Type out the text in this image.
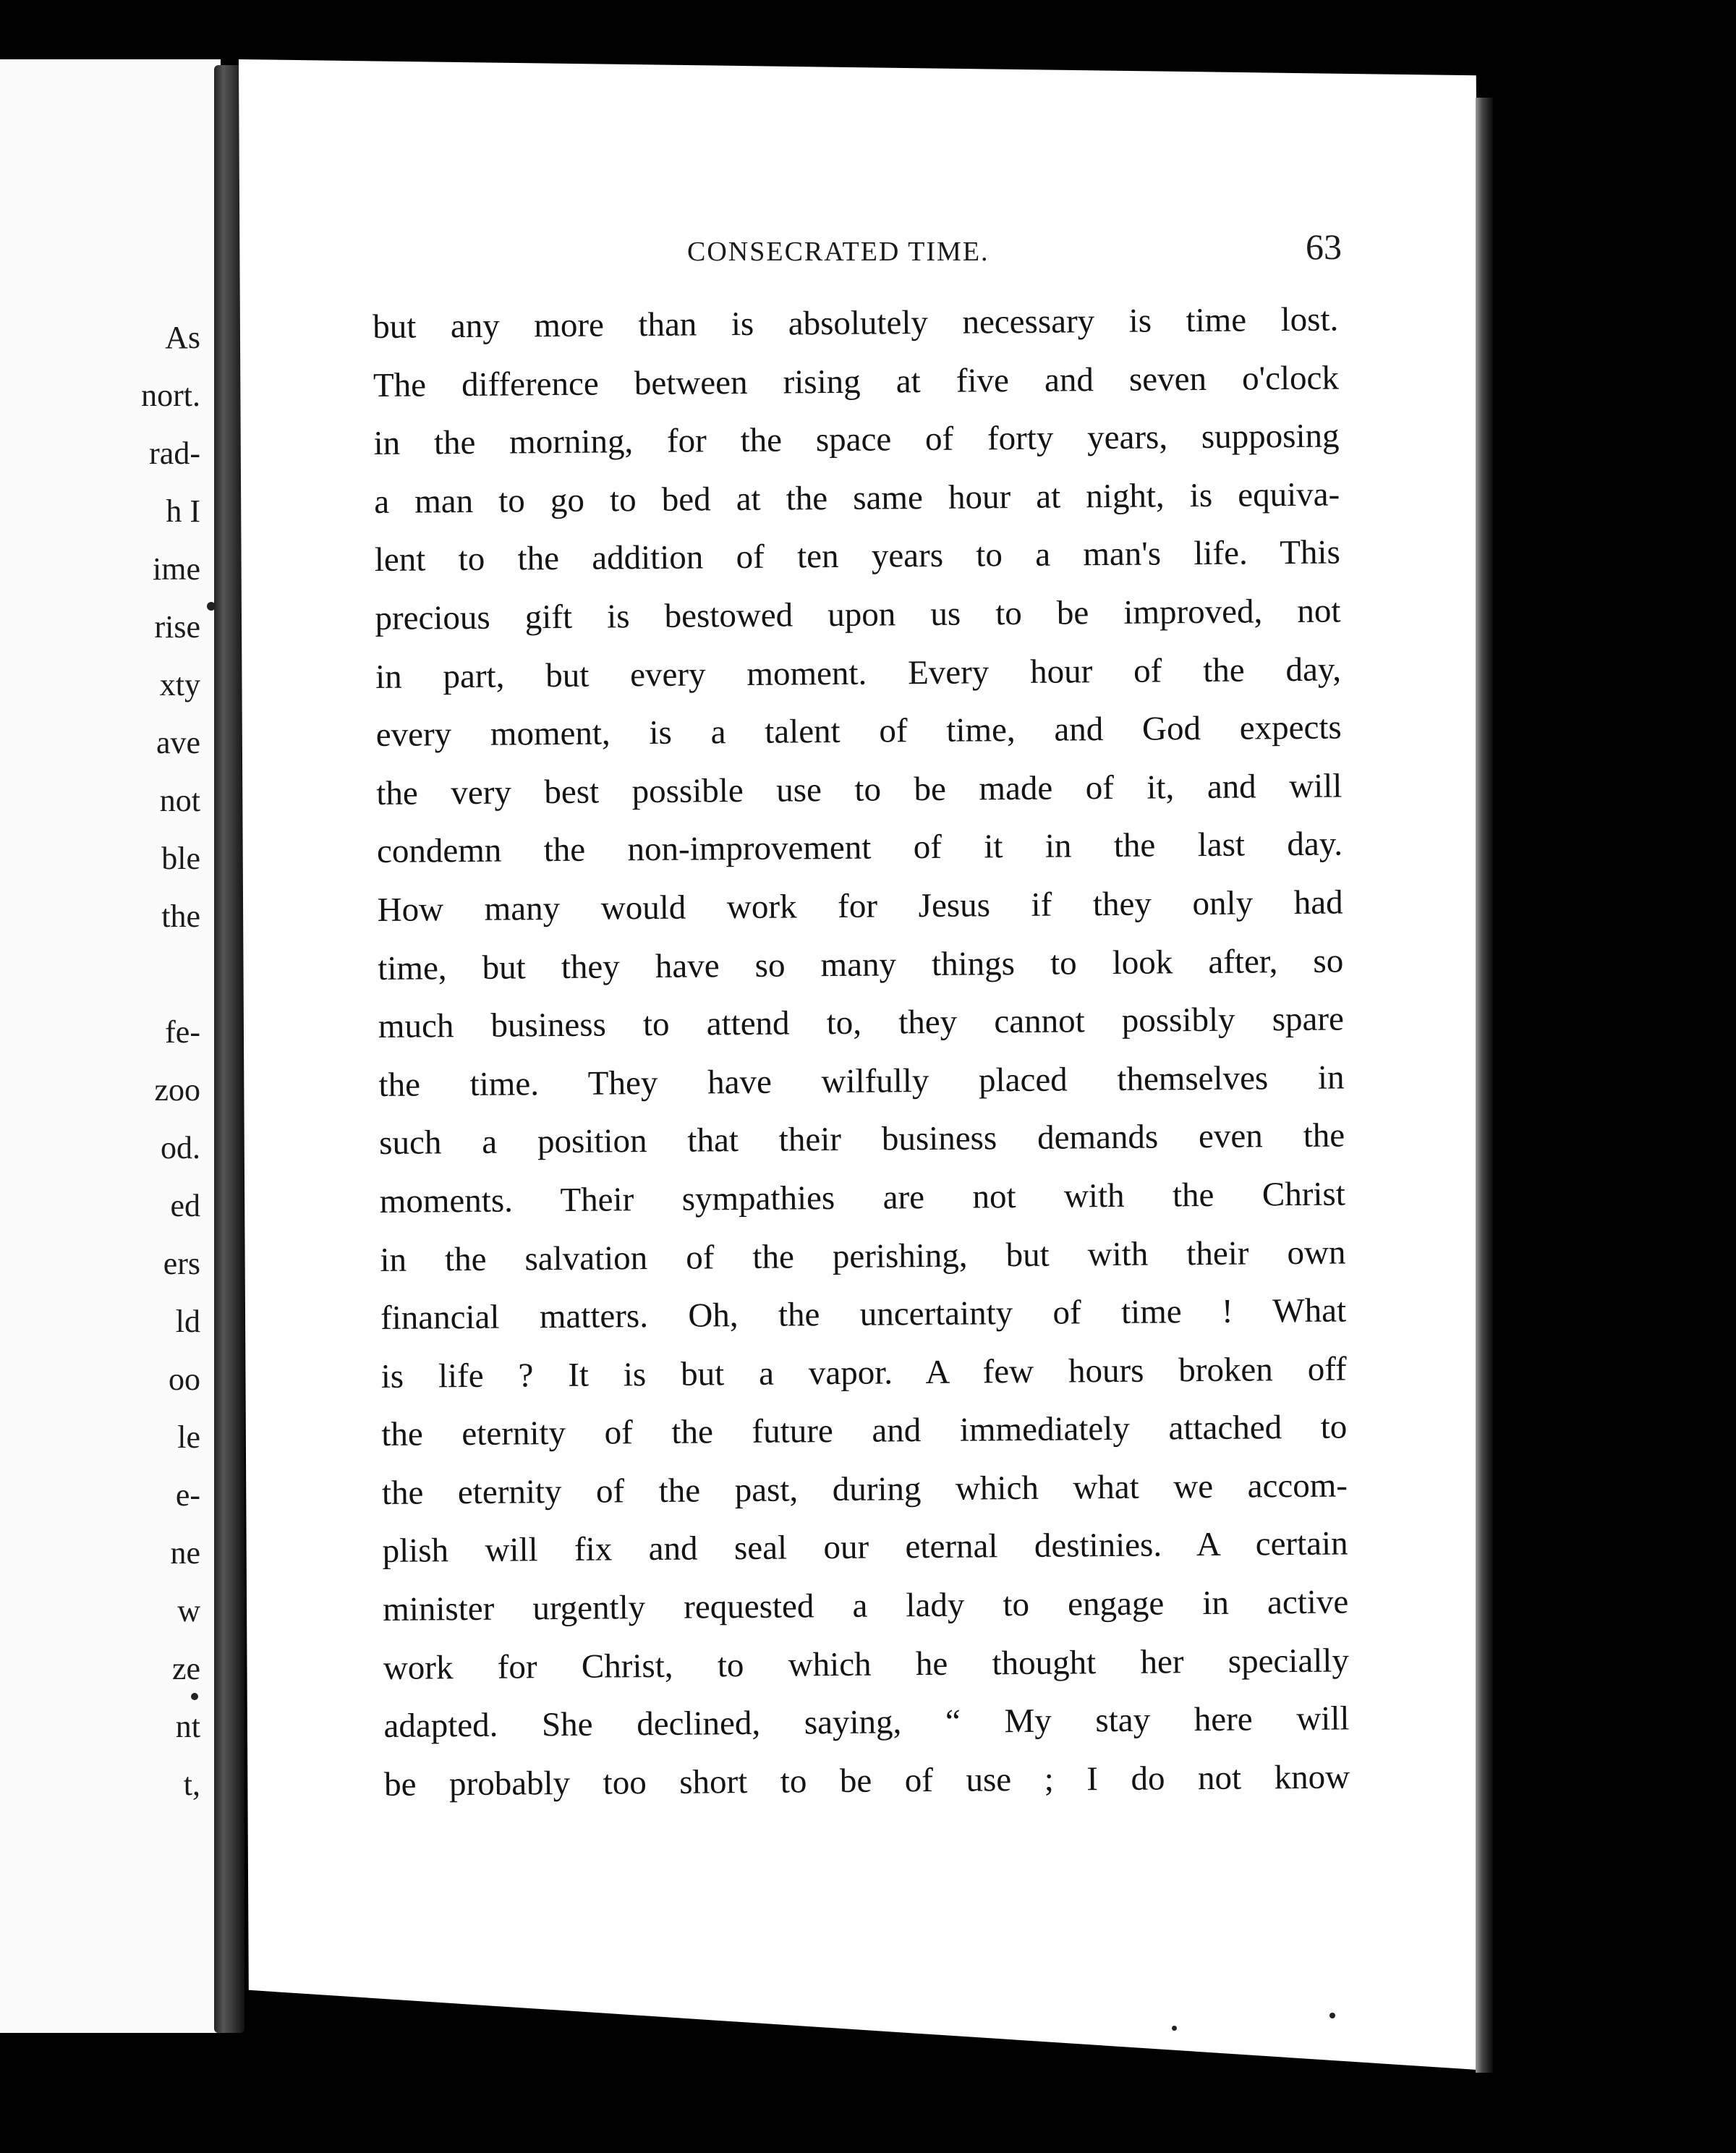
As
nort.
rad-
h I
ime
rise
xty
ave
not
ble
the
fe-
zoo
od.
ed
ers
ld
oo
le
e-
ne
w
ze
nt
t,
CONSECRATED TIME.	63
but any more than is absolutely necessary is time lost.
The difference between rising at five and seven o'clock
in the morning, for the space of forty years, supposing
a man to go to bed at the same hour at night, is equiva-
lent to the addition of ten years to a man's life. This
precious gift is bestowed upon us to be improved, not
in part, but every moment. Every hour of the day,
every moment, is a talent of time, and God expects
the very best possible use to be made of it, and will
condemn the non-improvement of it in the last day.
How many would work for Jesus if they only had
time, but they have so many things to look after, so
much business to attend to, they cannot possibly spare
the time. They have wilfully placed themselves in
such a position that their business demands even the
moments. Their sympathies are not with the Christ
in the salvation of the perishing, but with their own
financial matters. Oh, the uncertainty of time ! What
is life ? It is but a vapor. A few hours broken off
the eternity of the future and immediately attached to
the eternity of the past, during which what we accom-
plish will fix and seal our eternal destinies. A certain
minister urgently requested a lady to engage in active
work for Christ, to which he thought her specially
adapted. She declined, saying, “ My stay here will
be probably too short to be of use ; I do not know
